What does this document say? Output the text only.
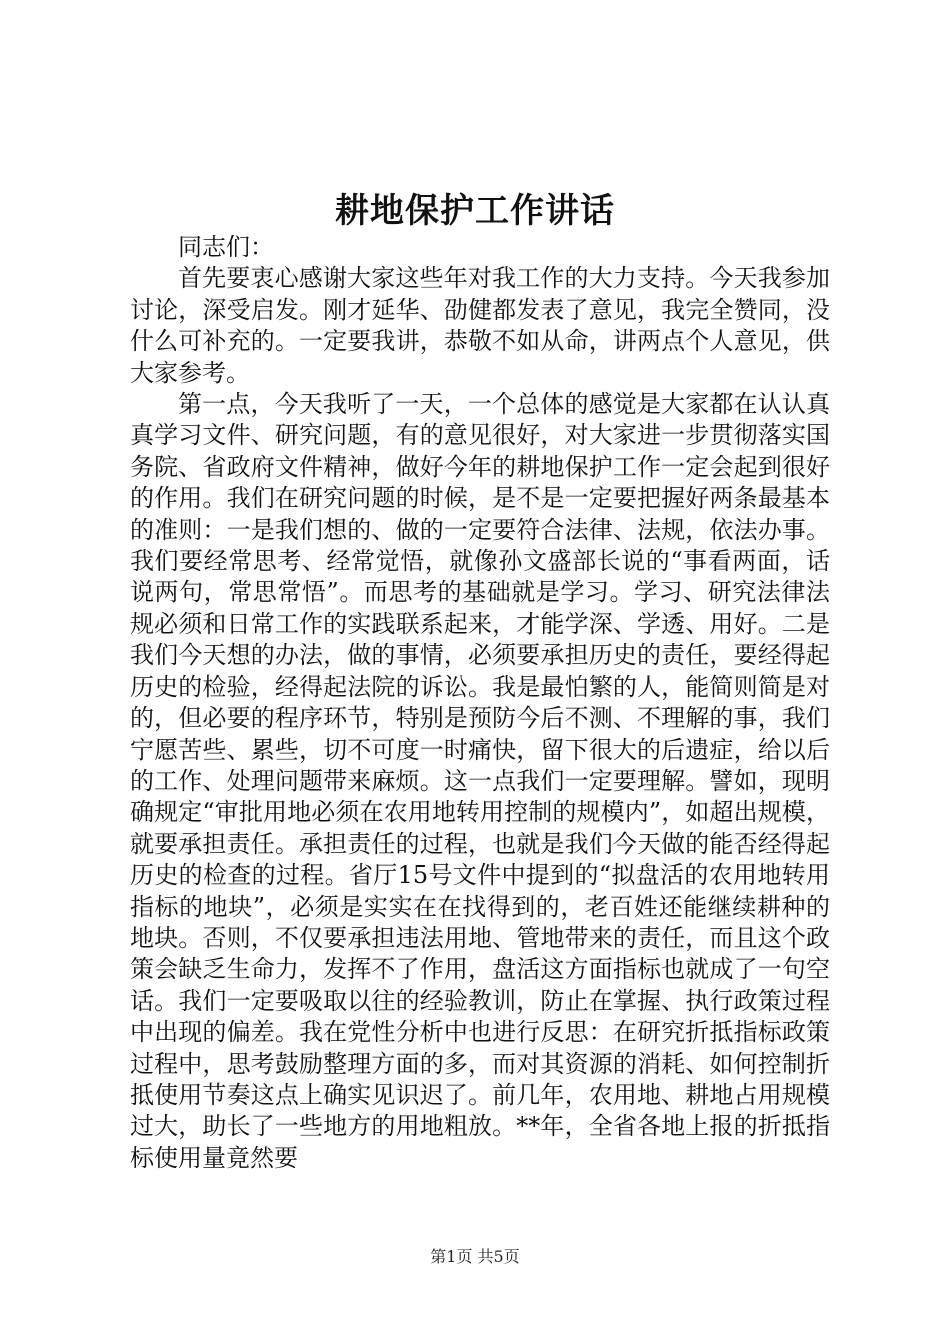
耕地保护工作讲话

同志们：

首先要衷心感谢大家这些年对我工作的大力支持。今天我参加讨论，深受启发。刚才延华、劭健都发表了意见，我完全赞同，没什么可补充的。一定要我讲，恭敬不如从命，讲两点个人意见，供大家参考。

第一点，今天我听了一天，一个总体的感觉是大家都在认认真真学习文件、研究问题，有的意见很好，对大家进一步贯彻落实国务院、省政府文件精神，做好今年的耕地保护工作一定会起到很好的作用。我们在研究问题的时候，是不是一定要把握好两条最基本的准则：一是我们想的、做的一定要符合法律、法规，依法办事。我们要经常思考、经常觉悟，就像孙文盛部长说的“事看两面，话说两句，常思常悟”。而思考的基础就是学习。学习、研究法律法规必须和日常工作的实践联系起来，才能学深、学透、用好。二是我们今天想的办法，做的事情，必须要承担历史的责任，要经得起历史的检验，经得起法院的诉讼。我是最怕繁的人，能简则简是对的，但必要的程序环节，特别是预防今后不测、不理解的事，我们宁愿苦些、累些，切不可度一时痛快，留下很大的后遗症，给以后的工作、处理问题带来麻烦。这一点我们一定要理解。譬如，现明确规定“审批用地必须在农用地转用控制的规模内”，如超出规模，就要承担责任。承担责任的过程，也就是我们今天做的能否经得起历史的检查的过程。省厅15号文件中提到的“拟盘活的农用地转用指标的地块”，必须是实实在在找得到的，老百姓还能继续耕种的地块。否则，不仅要承担违法用地、管地带来的责任，而且这个政策会缺乏生命力，发挥不了作用，盘活这方面指标也就成了一句空话。我们一定要吸取以往的经验教训，防止在掌握、执行政策过程中出现的偏差。我在党性分析中也进行反思：在研究折抵指标政策过程中，思考鼓励整理方面的多，而对其资源的消耗、如何控制折抵使用节奏这点上确实见识迟了。前几年，农用地、耕地占用规模过大，助长了一些地方的用地粗放。**年，全省各地上报的折抵指标使用量竟然要

第1页 共5页
